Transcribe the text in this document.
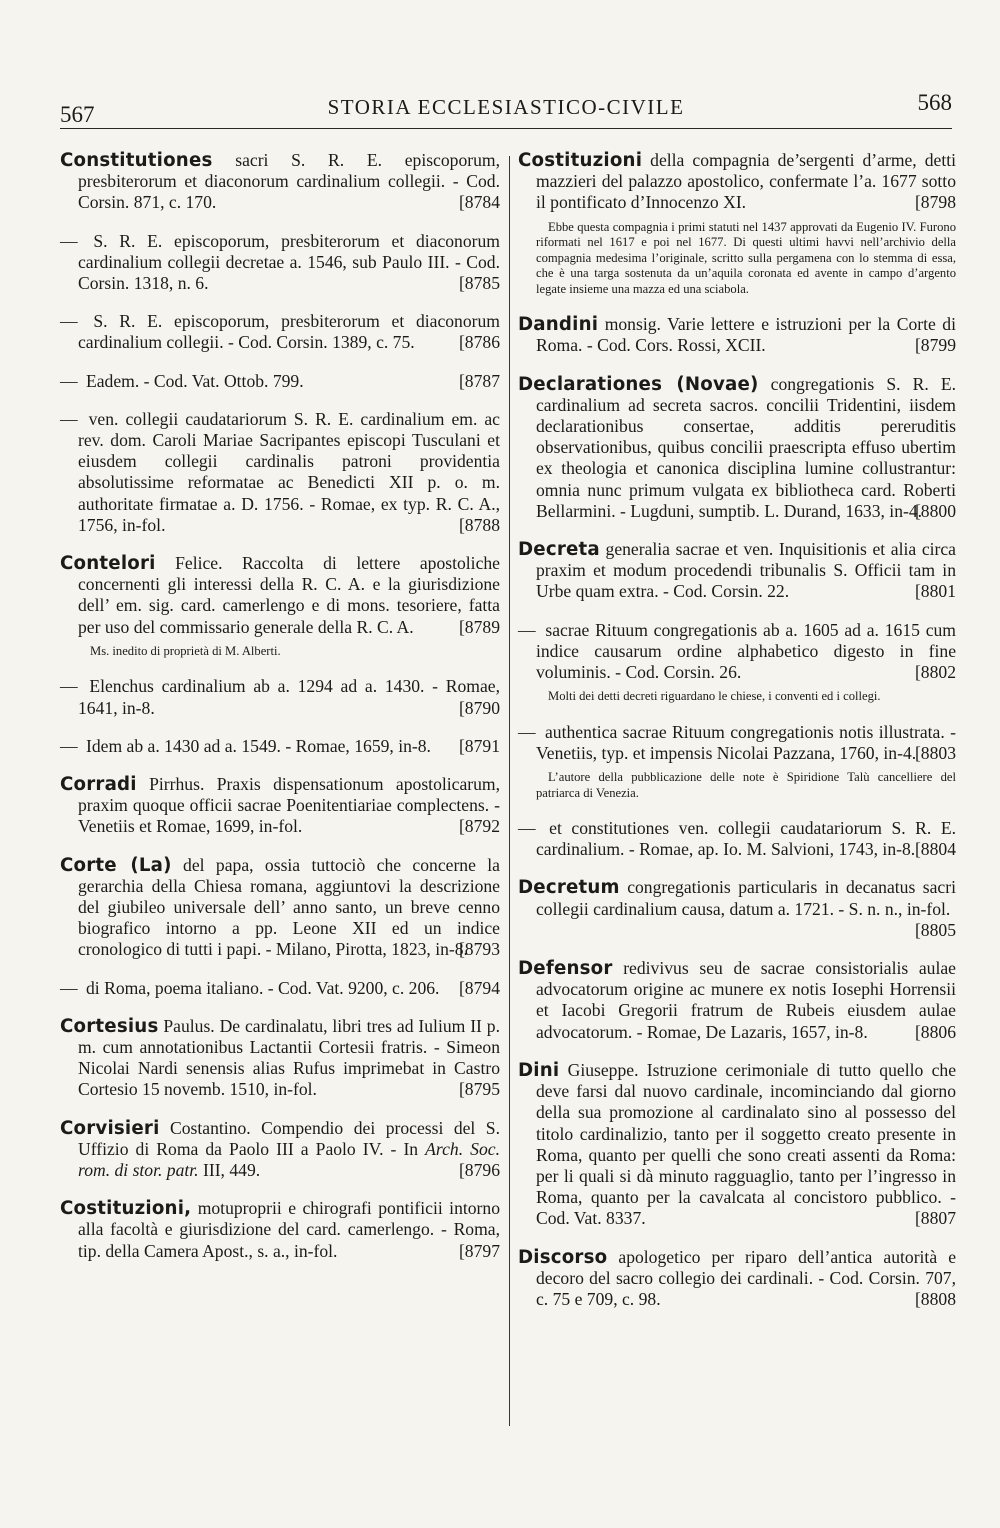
567	STORIA ECCLESIASTICO-CIVILE	568
Constitutiones sacri S. R. E. episcoporum, presbiterorum et diaconorum cardinalium collegii. - Cod. Corsin. 871, c. 170.	[8784
— S. R. E. episcoporum, presbiterorum et diaconorum cardinalium collegii decretae a. 1546, sub Paulo III. - Cod. Corsin. 1318, n. 6.	[8785
— S. R. E. episcoporum, presbiterorum et diaconorum cardinalium collegii. - Cod. Corsin. 1389, c. 75.	[8786
— Eadem. - Cod. Vat. Ottob. 799.	[8787
— ven. collegii caudatariorum S. R. E. cardinalium em. ac rev. dom. Caroli Mariae Sacripantes episcopi Tusculani et eiusdem collegii cardinalis patroni providentia absolutissime reformatae ac Benedicti XII p. o. m. authoritate firmatae a. D. 1756. - Romae, ex typ. R. C. A., 1756, in-fol.	[8788
Contelori Felice. Raccolta di lettere apostoliche concernenti gli interessi della R. C. A. e la giurisdizione dell’ em. sig. card. camerlengo e di mons. tesoriere, fatta per uso del commissario generale della R. C. A.	[8789
Ms. inedito di proprietà di M. Alberti.
— Elenchus cardinalium ab a. 1294 ad a. 1430. - Romae, 1641, in-8.	[8790
— Idem ab a. 1430 ad a. 1549. - Romae, 1659, in-8. [8791
Corradi Pirrhus. Praxis dispensationum apostolicarum, praxim quoque officii sacrae Poenitentiariae complectens. - Venetiis et Romae, 1699, in-fol.	[8792
Corte (La) del papa, ossia tuttociò che concerne la gerarchia della Chiesa romana, aggiuntovi la descrizione del giubileo universale dell’ anno santo, un breve cenno biografico intorno a pp. Leone XII ed un indice cronologico di tutti i papi. - Milano, Pirotta, 1823, in-8.
[8793
— di Roma, poema italiano. - Cod. Vat. 9200, c. 206. [8794
Cortesius Paulus. De cardinalatu, libri tres ad Iulium II p. m. cum annotationibus Lactantii Cortesii fratris. - Simeon Nicolai Nardi senensis alias Rufus imprimebat in Castro Cortesio 15 novemb. 1510, in-fol.	[8795
Corvisieri Costantino. Compendio dei processi del S. Uffizio di Roma da Paolo III a Paolo IV. - In Arch. Soc. rom. di stor. patr. III, 449.	[8796
Costituzioni, motuproprii e chirografi pontificii intorno alla facoltà e giurisdizione del card. camerlengo. - Roma, tip. della Camera Apost., s. a., in-fol.	[8797
Costituzioni della compagnia de’sergenti d’arme, detti mazzieri del palazzo apostolico, confermate l’a. 1677 sotto il pontificato d’Innocenzo XI.	[8798
Ebbe questa compagnia i primi statuti nel 1437 approvati da Eugenio IV. Furono riformati nel 1617 e poi nel 1677. Di questi ultimi havvi nell’archivio della compagnia medesima l’originale, scritto sulla pergamena con lo stemma di essa, che è una targa sostenuta da un’aquila coronata ed avente in campo d’argento legate insieme una mazza ed una sciabola.
Dandini monsig. Varie lettere e istruzioni per la Corte di Roma. - Cod. Cors. Rossi, XCII.	[8799
Declarationes (Novae) congregationis S. R. E. cardinalium ad secreta sacros. concilii Tridentini, iisdem declarationibus consertae, additis pereruditis observationibus, quibus concilii praescripta effuso ubertim ex theologia et canonica disciplina lumine collustrantur: omnia nunc primum vulgata ex bibliotheca card. Roberti Bellarmini. - Lugduni, sumptib. L. Durand, 1633, in-4.
[8800
Decreta generalia sacrae et ven. Inquisitionis et alia circa praxim et modum procedendi tribunalis S. Officii tam in Urbe quam extra. - Cod. Corsin. 22.	[8801
— sacrae Rituum congregationis ab a. 1605 ad a. 1615 cum indice causarum ordine alphabetico digesto in fine voluminis. - Cod. Corsin. 26.	[8802
Molti dei detti decreti riguardano le chiese, i conventi ed i collegi.
— authentica sacrae Rituum congregationis notis illustrata. - Venetiis, typ. et impensis Nicolai Pazzana, 1760, in-4.
[8803
L’autore della pubblicazione delle note è Spiridione Talù cancelliere del patriarca di Venezia.
— et constitutiones ven. collegii caudatariorum S. R. E. cardinalium. - Romae, ap. Io. M. Salvioni, 1743, in-8. [8804
Decretum congregationis particularis in decanatus sacri collegii cardinalium causa, datum a. 1721. - S. n. n., in-fol.
[8805
Defensor redivivus seu de sacrae consistorialis aulae advocatorum origine ac munere ex notis Iosephi Horrensii et Iacobi Gregorii fratrum de Rubeis eiusdem aulae advocatorum. - Romae, De Lazaris, 1657, in-8.	[8806
Dini Giuseppe. Istruzione cerimoniale di tutto quello che deve farsi dal nuovo cardinale, incominciando dal giorno della sua promozione al cardinalato sino al possesso del titolo cardinalizio, tanto per il soggetto creato presente in Roma, quanto per quelli che sono creati assenti da Roma: per li quali si dà minuto ragguaglio, tanto per l’ingresso in Roma, quanto per la cavalcata al concistoro pubblico. - Cod. Vat. 8337.	[8807
Discorso apologetico per riparo dell’antica autorità e decoro del sacro collegio dei cardinali. - Cod. Corsin. 707, c. 75 e 709, c. 98.	[8808
